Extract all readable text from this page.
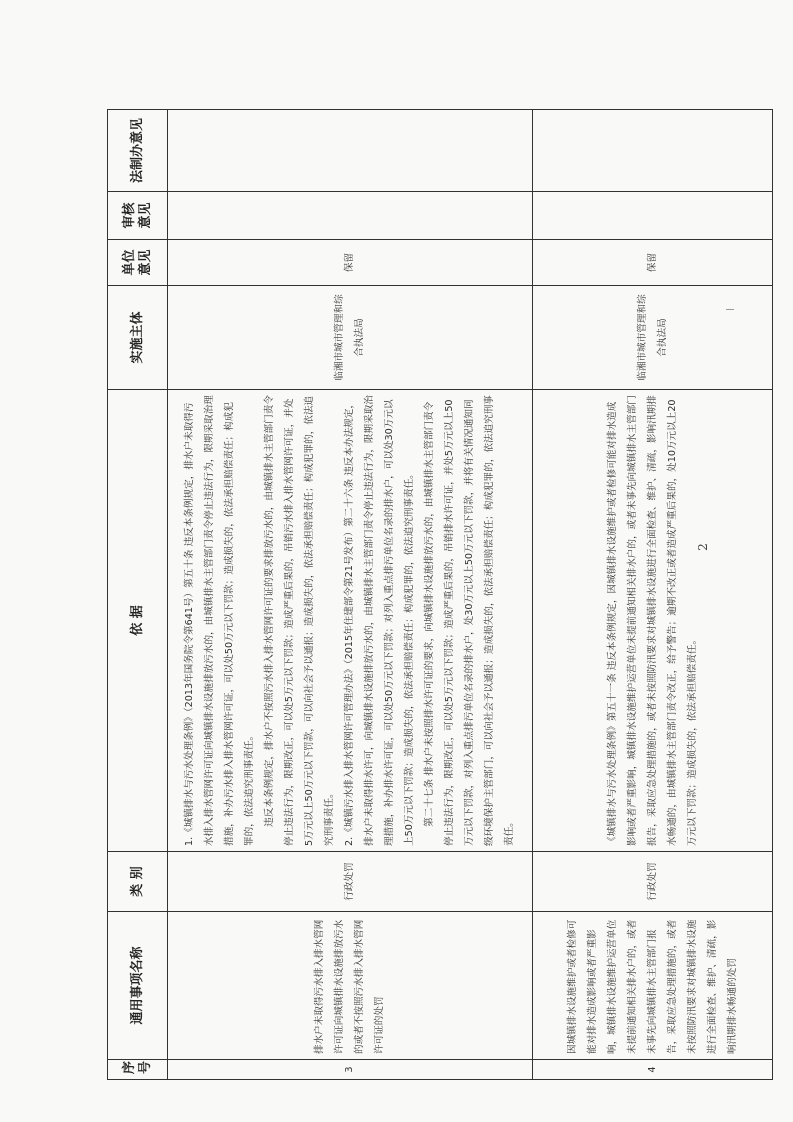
序号	通用事项名称	类 别	依 据	实施主体	单位意见	审核意见	法制办意见
3	排水户未取得污水排入排水管网许可证向城镇排水设施排放污水的或者不按照污水排入排水管网许可证的处罚	行政处罚	1.《城镇排水与污水处理条例》（2013年国务院令第641号）第五十条 违反本条例规定，排水户未取得污水排入排水管网许可证向城镇排水设施排放污水的，由城镇排水主管部门责令停止违法行为，限期采取治理措施，补办污水排入排水管网许可证，可以处50万元以下罚款；造成损失的，依法承担赔偿责任；构成犯罪的，依法追究刑事责任。 违反本条例规定，排水户不按照污水排入排水管网许可证的要求排放污水的，由城镇排水主管部门责令停止违法行为，限期改正，可以处5万元以下罚款；造成严重后果的，吊销污水排入排水管网许可证，并处5万元以上50万元以下罚款，可以向社会予以通报；造成损失的，依法承担赔偿责任；构成犯罪的，依法追究刑事责任。 2.《城镇污水排入排水管网许可管理办法》（2015年住建部令第21号发布）第二十六条 违反本办法规定，排水户未取得排水许可，向城镇排水设施排放污水的，由城镇排水主管部门责令停止违法行为，限期采取治理措施，补办排水许可证，可以处50万元以下罚款；对列入重点排污单位名录的排水户，可以处30万元以上50万元以下罚款；造成损失的，依法承担赔偿责任；构成犯罪的，依法追究刑事责任。 第二十七条 排水户未按照排水许可证的要求，向城镇排水设施排放污水的，由城镇排水主管部门责令停止违法行为，限期改正，可以处5万元以下罚款；造成严重后果的，吊销排水许可证，并处5万元以上50万元以下罚款，对列入重点排污单位名录的排水户，处30万元以上50万元以下罚款，并将有关情况通知同级环境保护主管部门，可以向社会予以通报；造成损失的，依法承担赔偿责任；构成犯罪的，依法追究刑事责任。	临湘市城市管理和综合执法局	保留		
4	因城镇排水设施维护或者检修可能对排水造成影响或者严重影响，城镇排水设施维护运营单位未提前通知相关排水户的，或者未事先向城镇排水主管部门报告，采取应急处理措施的，或者未按照防汛要求对城镇排水设施进行全面检查、维护、清疏，影响汛期排水畅通的处罚	行政处罚	《城镇排水与污水处理条例》第五十一条 违反本条例规定，因城镇排水设施维护或者检修可能对排水造成影响或者严重影响，城镇排水设施维护运营单位未提前通知相关排水户的，或者未事先向城镇排水主管部门报告，采取应急处理措施的，或者未按照防汛要求对城镇排水设施进行全面检查、维护、清疏，影响汛期排水畅通的，由城镇排水主管部门责令改正，给予警告；逾期不改正或者造成严重后果的，处10万元以上20万元以下罚款；造成损失的，依法承担赔偿责任。	临湘市城市管理和综合执法局	保留		
2
